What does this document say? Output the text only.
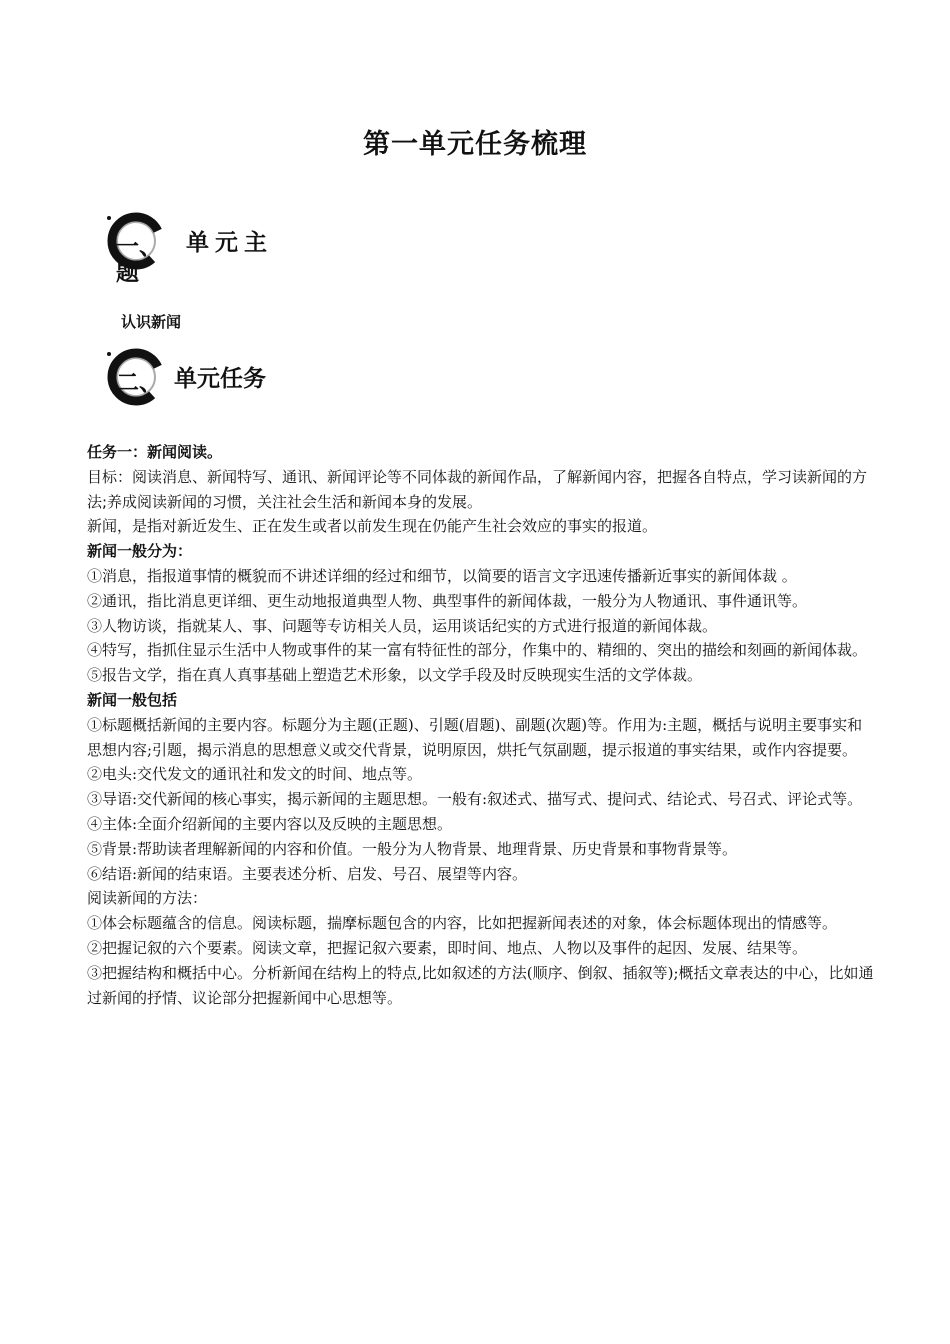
第一单元任务梳理
一、 单元主
题
认识新闻
二、 单元任务

任务一：新闻阅读。

目标：阅读消息、新闻特写、通讯、新闻评论等不同体裁的新闻作品，了解新闻内容，把握各自特点，学习读新闻的方法;养成阅读新闻的习惯，关注社会生活和新闻本身的发展。

新闻，是指对新近发生、正在发生或者以前发生现在仍能产生社会效应的事实的报道。

新闻一般分为：

①消息，指报道事情的概貌而不讲述详细的经过和细节，以简要的语言文字迅速传播新近事实的新闻体裁 。

②通讯，指比消息更详细、更生动地报道典型人物、典型事件的新闻体裁，一般分为人物通讯、事件通讯等。

③人物访谈，指就某人、事、问题等专访相关人员，运用谈话纪实的方式进行报道的新闻体裁。

④特写，指抓住显示生活中人物或事件的某一富有特征性的部分，作集中的、精细的、突出的描绘和刻画的新闻体裁。

⑤报告文学，指在真人真事基础上塑造艺术形象，以文学手段及时反映现实生活的文学体裁。

新闻一般包括

①标题概括新闻的主要内容。标题分为主题(正题)、引题(眉题)、副题(次题)等。作用为:主题，概括与说明主要事实和思想内容;引题，揭示消息的思想意义或交代背景，说明原因，烘托气氛副题，提示报道的事实结果，或作内容提要。

②电头:交代发文的通讯社和发文的时间、地点等。

③导语:交代新闻的核心事实，揭示新闻的主题思想。一般有:叙述式、描写式、提问式、结论式、号召式、评论式等。

④主体:全面介绍新闻的主要内容以及反映的主题思想。

⑤背景:帮助读者理解新闻的内容和价值。一般分为人物背景、地理背景、历史背景和事物背景等。

⑥结语:新闻的结束语。主要表述分析、启发、号召、展望等内容。

阅读新闻的方法：

①体会标题蕴含的信息。阅读标题，揣摩标题包含的内容，比如把握新闻表述的对象，体会标题体现出的情感等。

②把握记叙的六个要素。阅读文章，把握记叙六要素，即时间、地点、人物以及事件的起因、发展、结果等。

③把握结构和概括中心。分析新闻在结构上的特点,比如叙述的方法(顺序、倒叙、插叙等);概括文章表达的中心，比如通过新闻的抒情、议论部分把握新闻中心思想等。
